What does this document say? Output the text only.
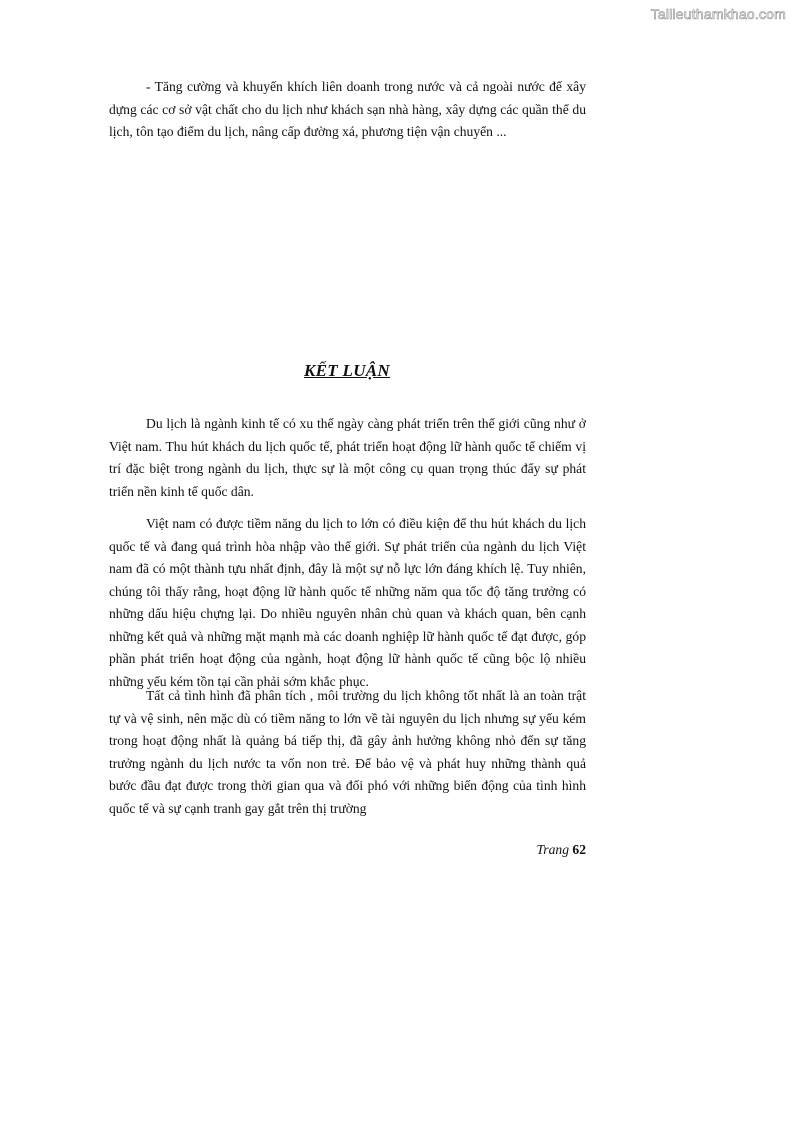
Tailieuthamkhao.com

- Tăng cường và khuyến khích liên doanh trong nước và cả ngoài nước để xây dựng các cơ sở vật chất cho du lịch như khách sạn nhà hàng, xây dựng các quần thể du lịch, tôn tạo điểm du lịch, nâng cấp đường xá, phương tiện vận chuyển ...

KẾT LUẬN

Du lịch là ngành kinh tế có xu thế ngày càng phát triển trên thế giới cũng như ở Việt nam. Thu hút khách du lịch quốc tế, phát triển hoạt động lữ hành quốc tế chiếm vị trí đặc biệt trong ngành du lịch, thực sự là một công cụ quan trọng thúc đẩy sự phát triển nền kinh tế quốc dân.

Việt nam có được tiềm năng du lịch to lớn có điều kiện để thu hút khách du lịch quốc tế và đang quá trình hòa nhập vào thế giới. Sự phát triển của ngành du lịch Việt nam đã có một thành tựu nhất định, đây là một sự nỗ lực lớn đáng khích lệ. Tuy nhiên, chúng tôi thấy rằng, hoạt động lữ hành quốc tế những năm qua tốc độ tăng trưởng có những dấu hiệu chựng lại. Do nhiều nguyên nhân chủ quan và khách quan, bên cạnh những kết quả và những mặt mạnh mà các doanh nghiệp lữ hành quốc tế đạt được, góp phần phát triển hoạt động của ngành, hoạt động lữ hành quốc tế cũng bộc lộ nhiều những yếu kém tồn tại cần phải sớm khắc phục.

Tất cả tình hình đã phân tích , môi trường du lịch không tốt nhất là an toàn trật tự và vệ sinh, nên mặc dù có tiềm năng to lớn về tài nguyên du lịch nhưng sự yếu kém trong hoạt động nhất là quảng bá tiếp thị, đã gây ảnh hưởng không nhỏ đến sự tăng trưởng ngành du lịch nước ta vốn non trẻ. Để bảo vệ và phát huy những thành quả bước đầu đạt được trong thời gian qua và đối phó với những biến động của tình hình quốc tế và sự cạnh tranh gay gắt trên thị trường

Trang 62
